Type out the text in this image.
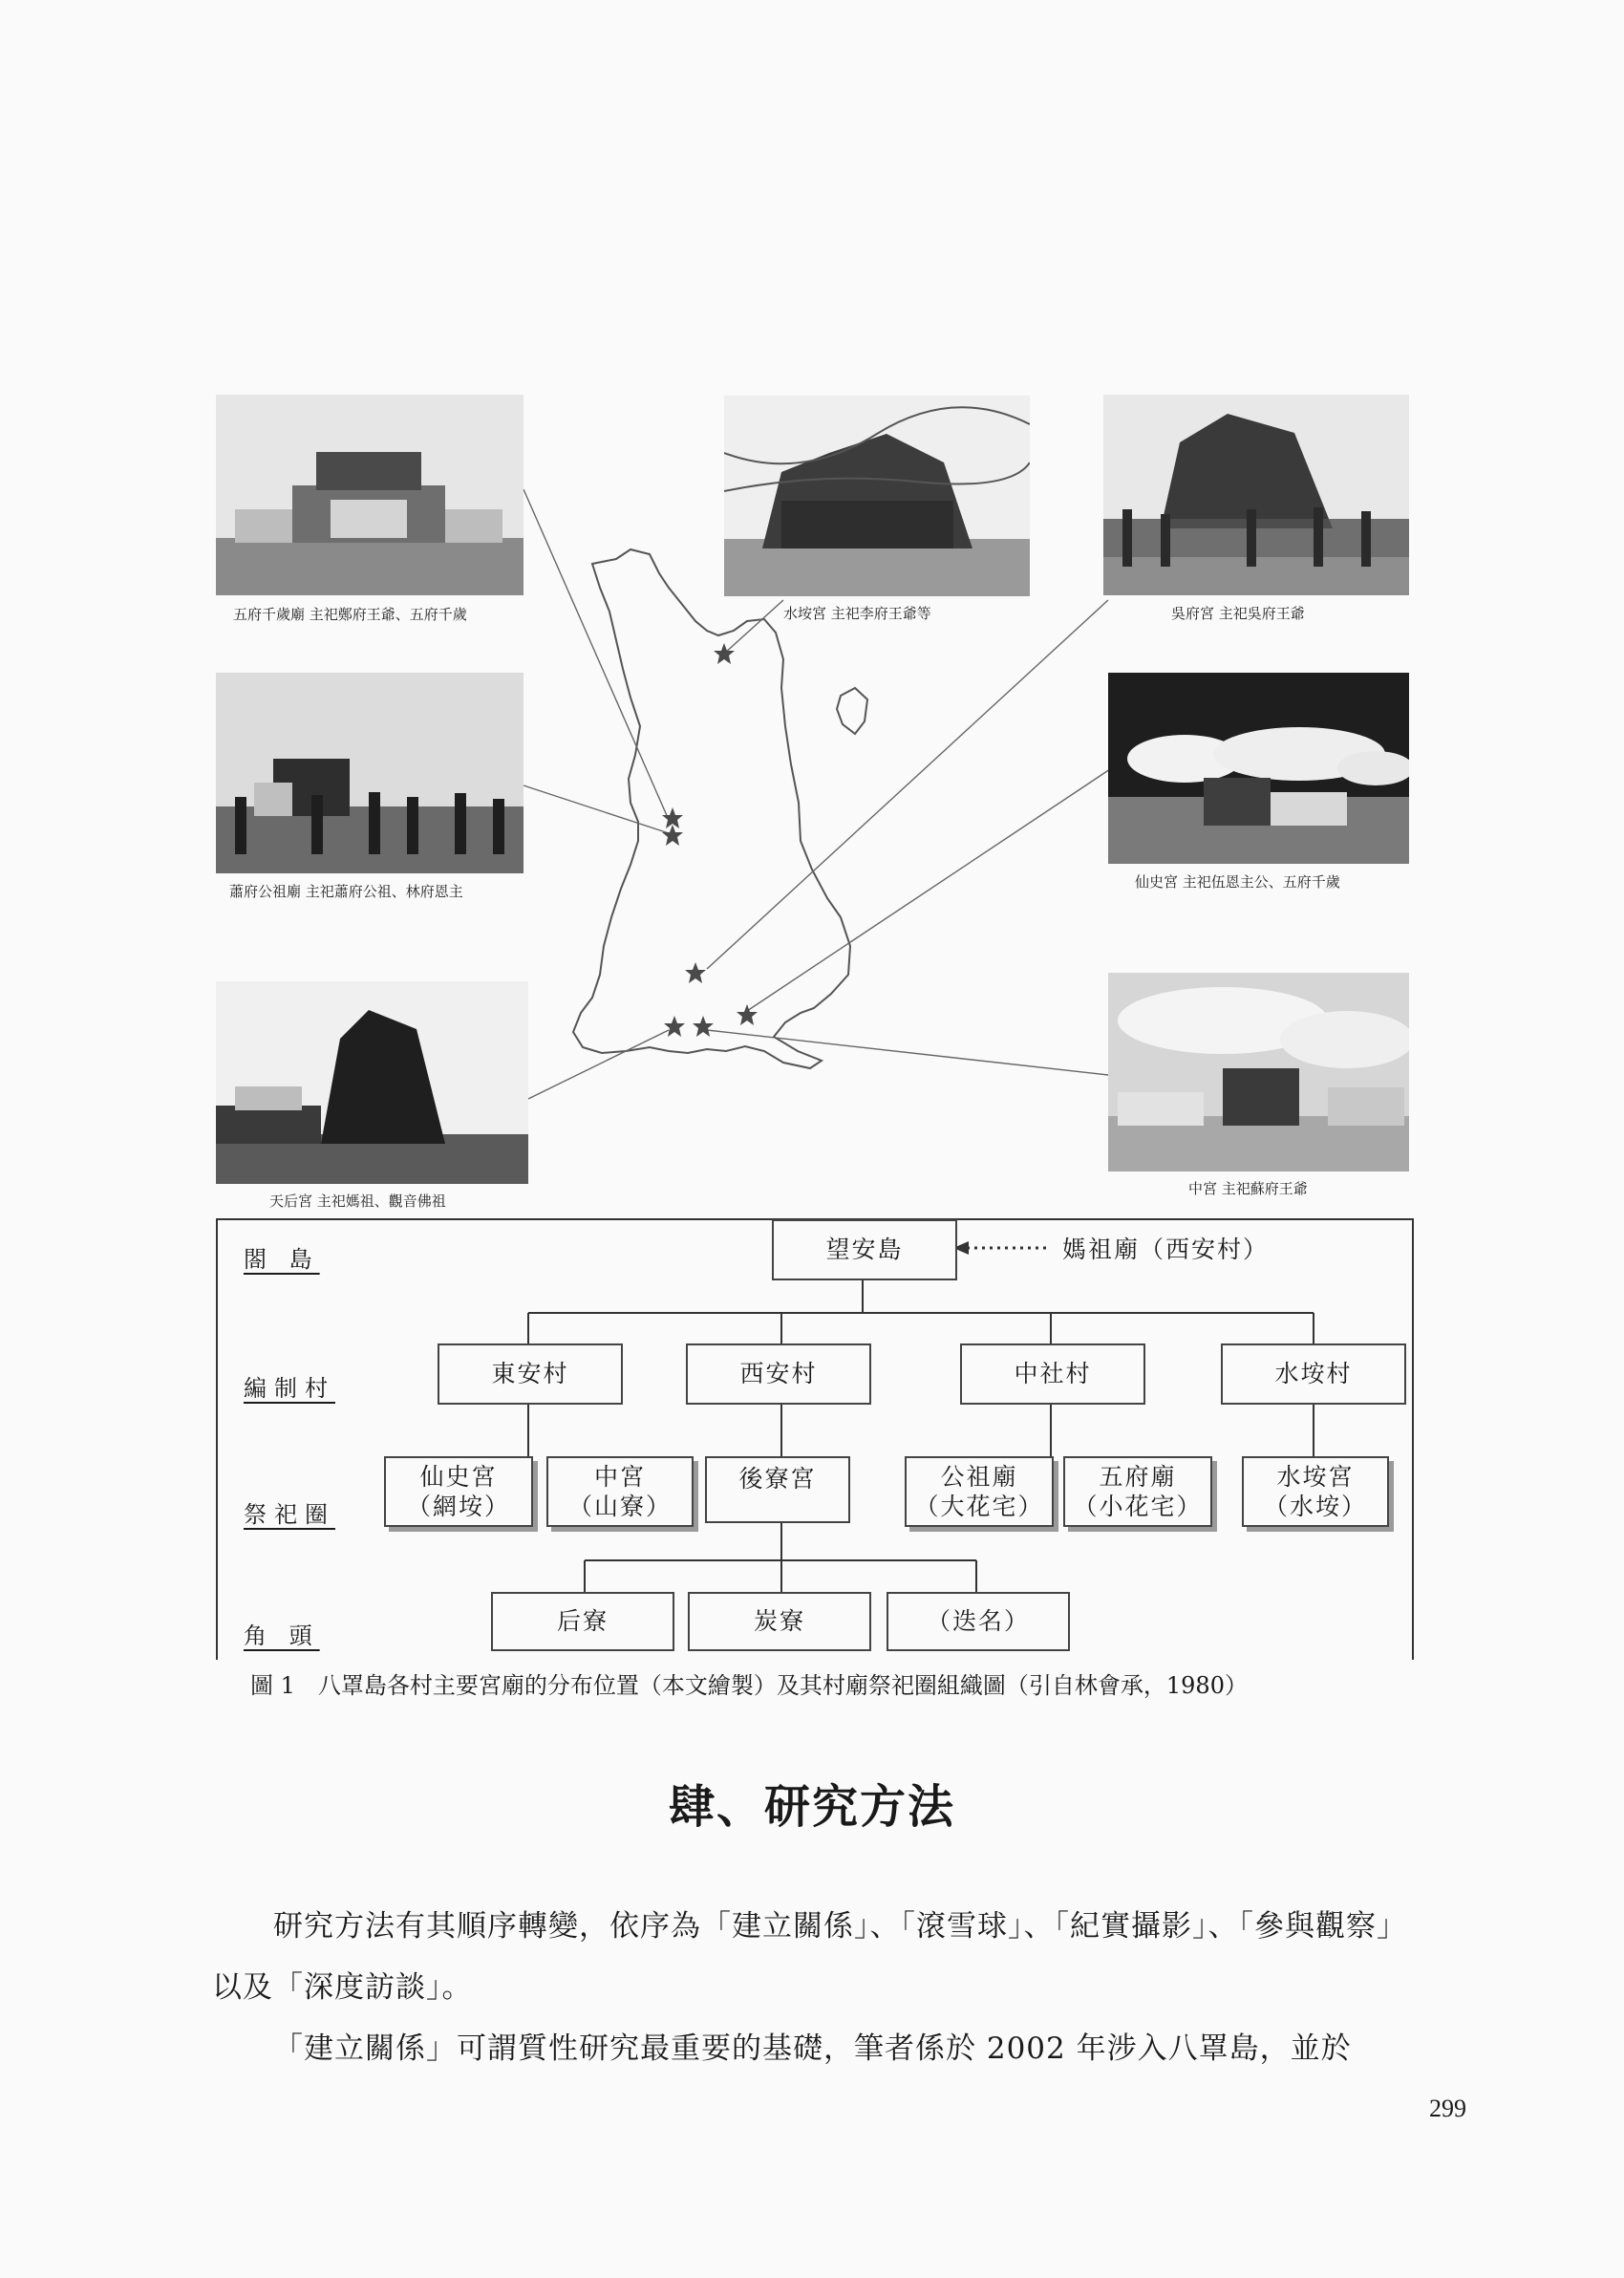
五府千歲廟 主祀鄭府王爺、五府千歲	水垵宮 主祀李府王爺等	吳府宮 主祀吳府王爺
蕭府公祖廟 主祀蕭府公祖、林府恩主
仙史宮 主祀伍恩主公、五府千歲
天后宮 主祀媽祖、觀音佛祖
中宮 主祀蘇府王爺
閤 島
編制村
祭祀圈
角 頭
望安島	媽祖廟（西安村）
東安村	西安村	中社村	水垵村
仙史宮
（網垵）
中宮
（山寮）
後寮宮	公祖廟
（大花宅）
五府廟
（小花宅）
水垵宮
（水垵）
后寮	炭寮	（迭名）
圖 1　八罩島各村主要宮廟的分布位置（本文繪製）及其村廟祭祀圈組織圖（引自林會承，1980）
肆、研究方法
研究方法有其順序轉變，依序為「建立關係」、「滾雪球」、「紀實攝影」、「參與觀察」以及「深度訪談」。
「建立關係」可謂質性研究最重要的基礎，筆者係於 2002 年涉入八罩島，並於
299
